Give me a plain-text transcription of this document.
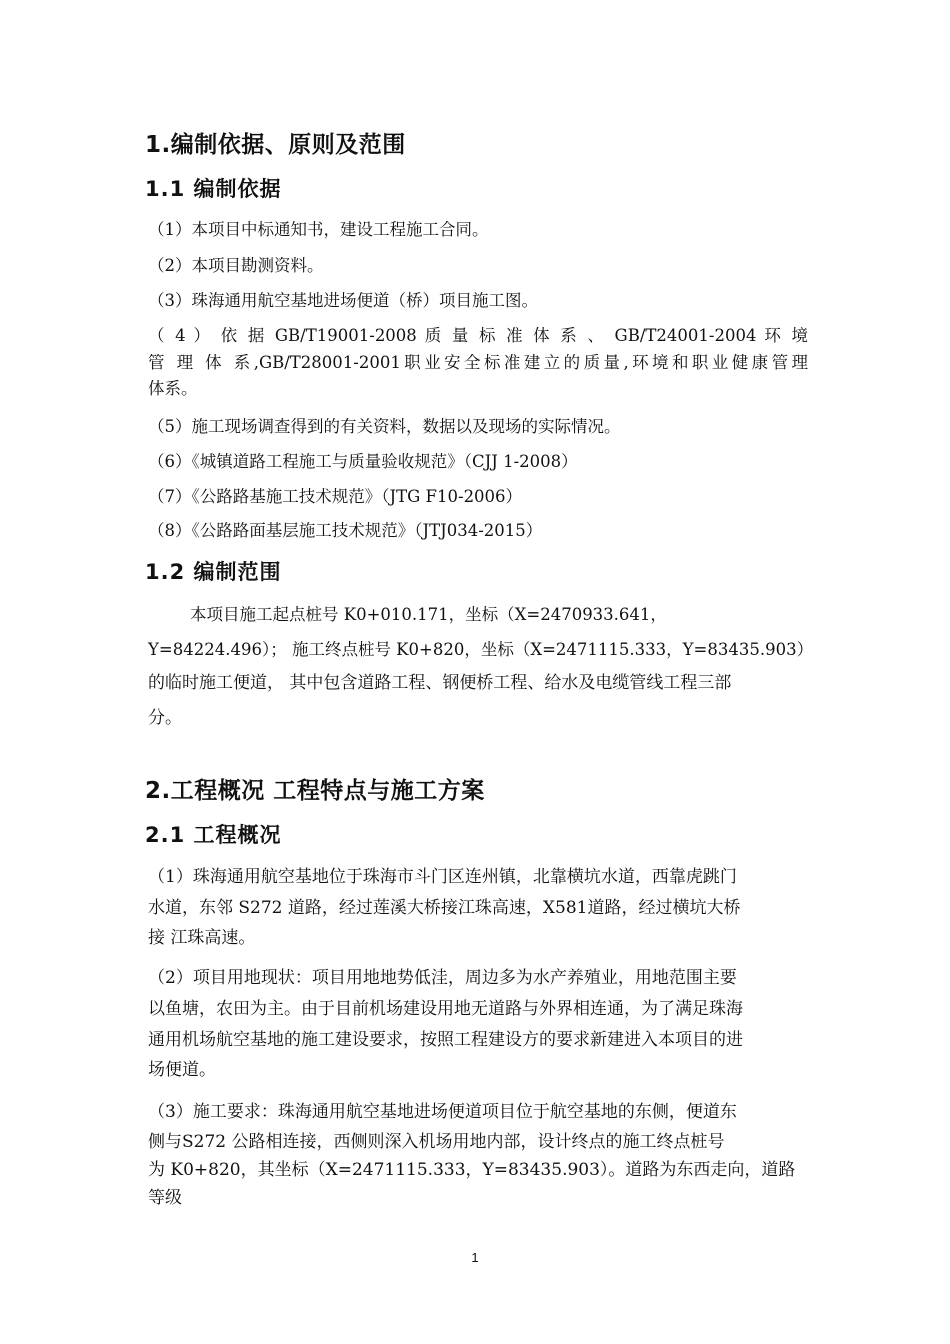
1.编制依据、原则及范围
1.1 编制依据

（1）本项目中标通知书，建设工程施工合同。

（2）本项目勘测资料。

（3）珠海通用航空基地进场便道（桥）项目施工图。

（ 4 ） 依 据 GB/T19001-2008 质 量 标 准 体 系 、 GB/T24001-2004 环 境

管 理 体 系,GB/T28001-2001职业安全标准建立的质量,环境和职业健康管理

体系。

（5）施工现场调查得到的有关资料，数据以及现场的实际情况。

（6）《城镇道路工程施工与质量验收规范》（CJJ 1-2008）

（7）《公路路基施工技术规范》（JTG F10-2006）

（8）《公路路面基层施工技术规范》（JTJ034-2015）

1.2 编制范围

本项目施工起点桩号 K0+010.171，坐标（X=2470933.641，

Y=84224.496）； 施工终点桩号 K0+820，坐标（X=2471115.333，Y=83435.903）

的临时施工便道， 其中包含道路工程、钢便桥工程、给水及电缆管线工程三部

分。

2.工程概况 工程特点与施工方案
2.1 工程概况

（1）珠海通用航空基地位于珠海市斗门区连州镇，北靠横坑水道，西靠虎跳门

水道，东邻 S272 道路，经过莲溪大桥接江珠高速，X581道路，经过横坑大桥

接 江珠高速。

（2）项目用地现状：项目用地地势低洼，周边多为水产养殖业，用地范围主要

以鱼塘，农田为主。由于目前机场建设用地无道路与外界相连通，为了满足珠海

通用机场航空基地的施工建设要求，按照工程建设方的要求新建进入本项目的进

场便道。

（3）施工要求：珠海通用航空基地进场便道项目位于航空基地的东侧，便道东

侧与S272 公路相连接，西侧则深入机场用地内部，设计终点的施工终点桩号

为 K0+820，其坐标（X=2471115.333，Y=83435.903）。道路为东西走向，道路

等级

1
